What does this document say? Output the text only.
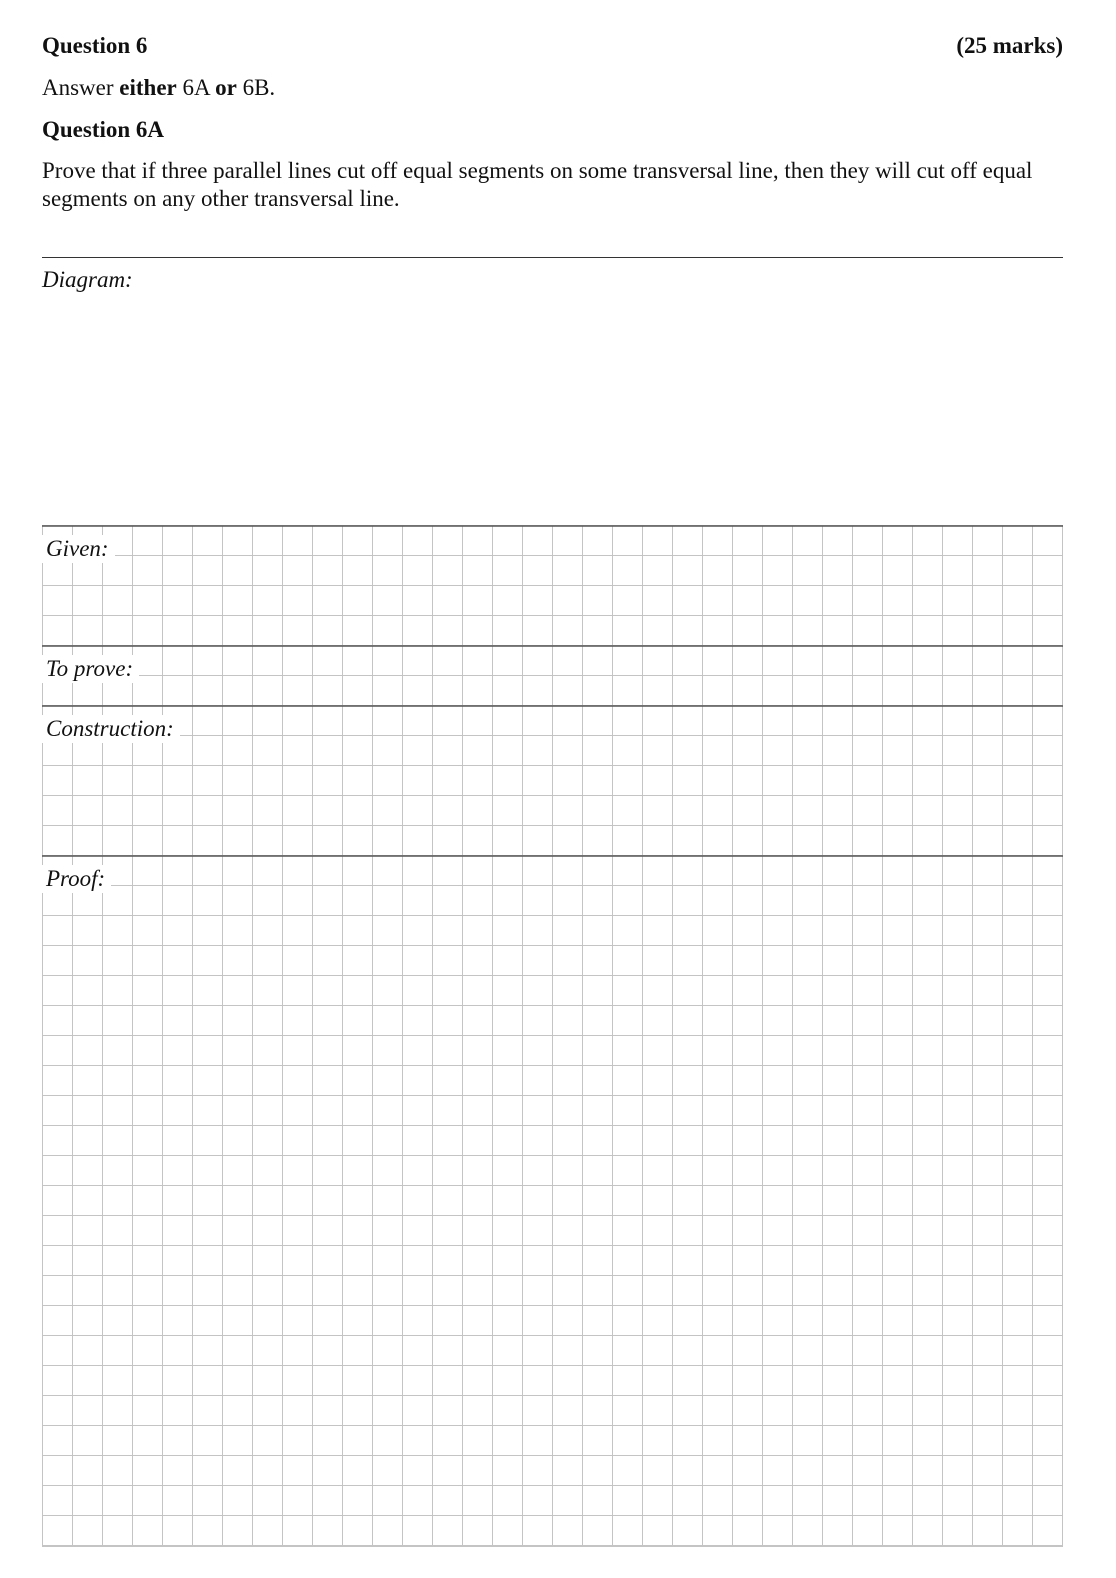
Question 6	(25 marks)
Answer either 6A or 6B.
Question 6A
Prove that if three parallel lines cut off equal segments on some transversal line, then they will cut off equal segments on any other transversal line.
Diagram:
Given:
To prove:
Construction:
Proof:
